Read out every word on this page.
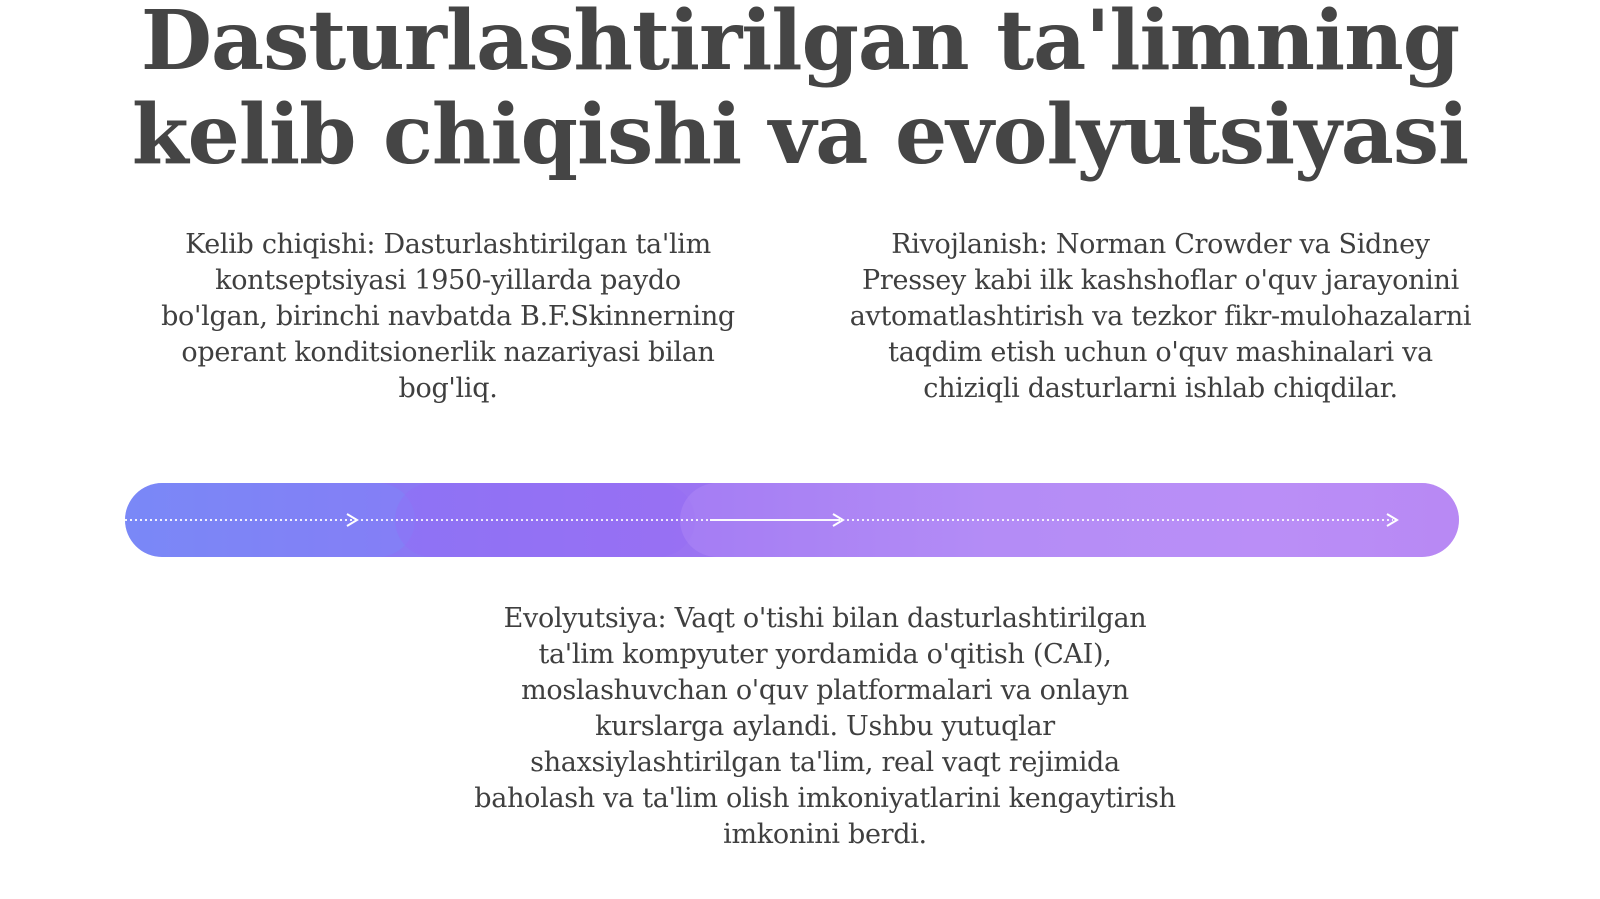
Dasturlashtirilgan ta'limning kelib chiqishi va evolyutsiyasi
Kelib chiqishi: Dasturlashtirilgan ta'lim kontseptsiyasi 1950-yillarda paydo bo'lgan, birinchi navbatda B.F.Skinnerning operant konditsionerlik nazariyasi bilan bog'liq.
Rivojlanish: Norman Crowder va Sidney Pressey kabi ilk kashshoflar o'quv jarayonini avtomatlashtirish va tezkor fikr-mulohazalarni taqdim etish uchun o'quv mashinalari va chiziqli dasturlarni ishlab chiqdilar.
Evolyutsiya: Vaqt o'tishi bilan dasturlashtirilgan ta'lim kompyuter yordamida o'qitish (CAI), moslashuvchan o'quv platformalari va onlayn kurslarga aylandi. Ushbu yutuqlar shaxsiylashtirilgan ta'lim, real vaqt rejimida baholash va ta'lim olish imkoniyatlarini kengaytirish imkonini berdi.
